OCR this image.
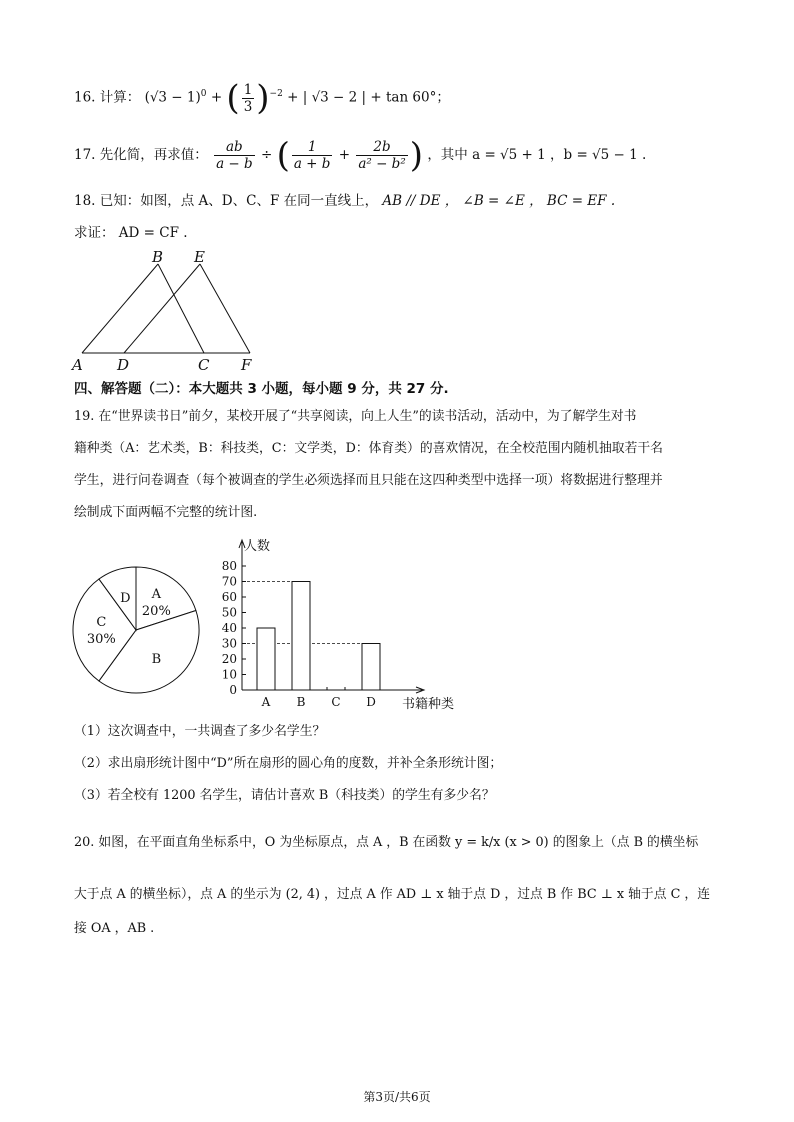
16. 计算： $(√3 - 1)^0$ + ( $\frac{1}{3} )^{-2}$ + | √3 − 2 | + tan 60°；
17. 先化简，再求值： $\frac{ab}{a - b}$ ÷ ( $\frac{1}{a + b} + \frac{2b}{\text{a² − b²}}$ ) ，其中 a = √5 + 1 ，b = √5 − 1 .
18. 已知：如图，点 A、D、C、F 在同一直线上， AB // DE ， ∠B = ∠E ， BC = EF .
求证： AD = CF .
A D	C F
B E
四、解答题（二）：本大题共 3 小题，每小题 9 分，共 27 分.
19. 在“世界读书日”前夕，某校开展了“共享阅读，向上人生”的读书活动，活动中，为了解学生对书
籍种类（A：艺术类，B：科技类，C：文学类，D：体育类）的喜欢情况，在全校范围内随机抽取若干名
学生，进行问卷调查（每个被调查的学生必须选择而且只能在这四种类型中选择一项）将数据进行整理并
绘制成下面两幅不完整的统计图.
A
20%
B
C
30%
D
0
10
20
30
40
50
60
70
80
A B C D
人数
书籍种类
（1）这次调查中，一共调查了多少名学生？
（2）求出扇形统计图中“D”所在扇形的圆心角的度数，并补全条形统计图；
（3）若全校有 1200 名学生，请估计喜欢 B（科技类）的学生有多少名？
20. 如图，在平面直角坐标系中，O 为坐标原点，点 A ，B 在函数 y = k/x (x > 0) 的图象上（点 B 的横坐标
大于点 A 的横坐标），点 A 的坐示为 (2, 4) ，过点 A 作 AD ⊥ x 轴于点 D ，过点 B 作 BC ⊥ x 轴于点 C ，连
接 OA ，AB .
第3页/共6页
